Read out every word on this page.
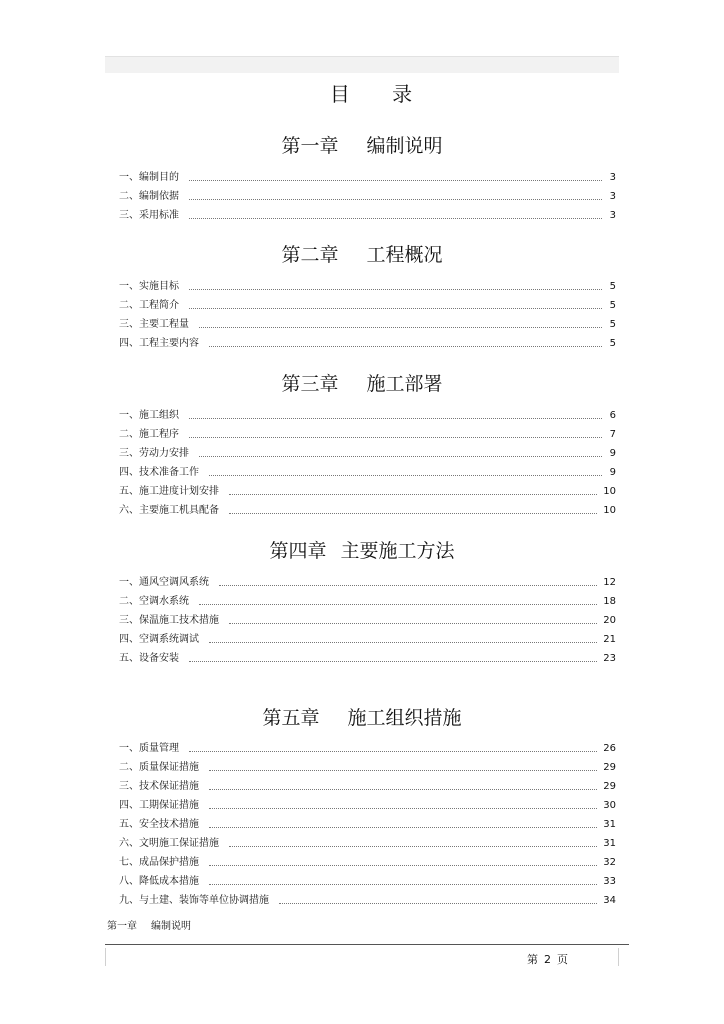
目 录
第一章 编制说明
一、编制目的	3
二、编制依据	3
三、采用标准	3
第二章 工程概况
一、实施目标	5
二、工程简介	5
三、主要工程量	5
四、工程主要内容	5
第三章 施工部署
一、施工组织	6
二、施工程序	7
三、劳动力安排	9
四、技术准备工作	9
五、施工进度计划安排	10
六、主要施工机具配备	10
第四章 主要施工方法
一、通风空调风系统	12
二、空调水系统	18
三、保温施工技术措施	20
四、空调系统调试	21
五、设备安装	23
第五章 施工组织措施
一、质量管理	26
二、质量保证措施	29
三、技术保证措施	29
四、工期保证措施	30
五、安全技术措施	31
六、文明施工保证措施	31
七、成品保护措施	32
八、降低成本措施	33
九、与土建、装饰等单位协调措施	34
第一章 编制说明
第 2 页
